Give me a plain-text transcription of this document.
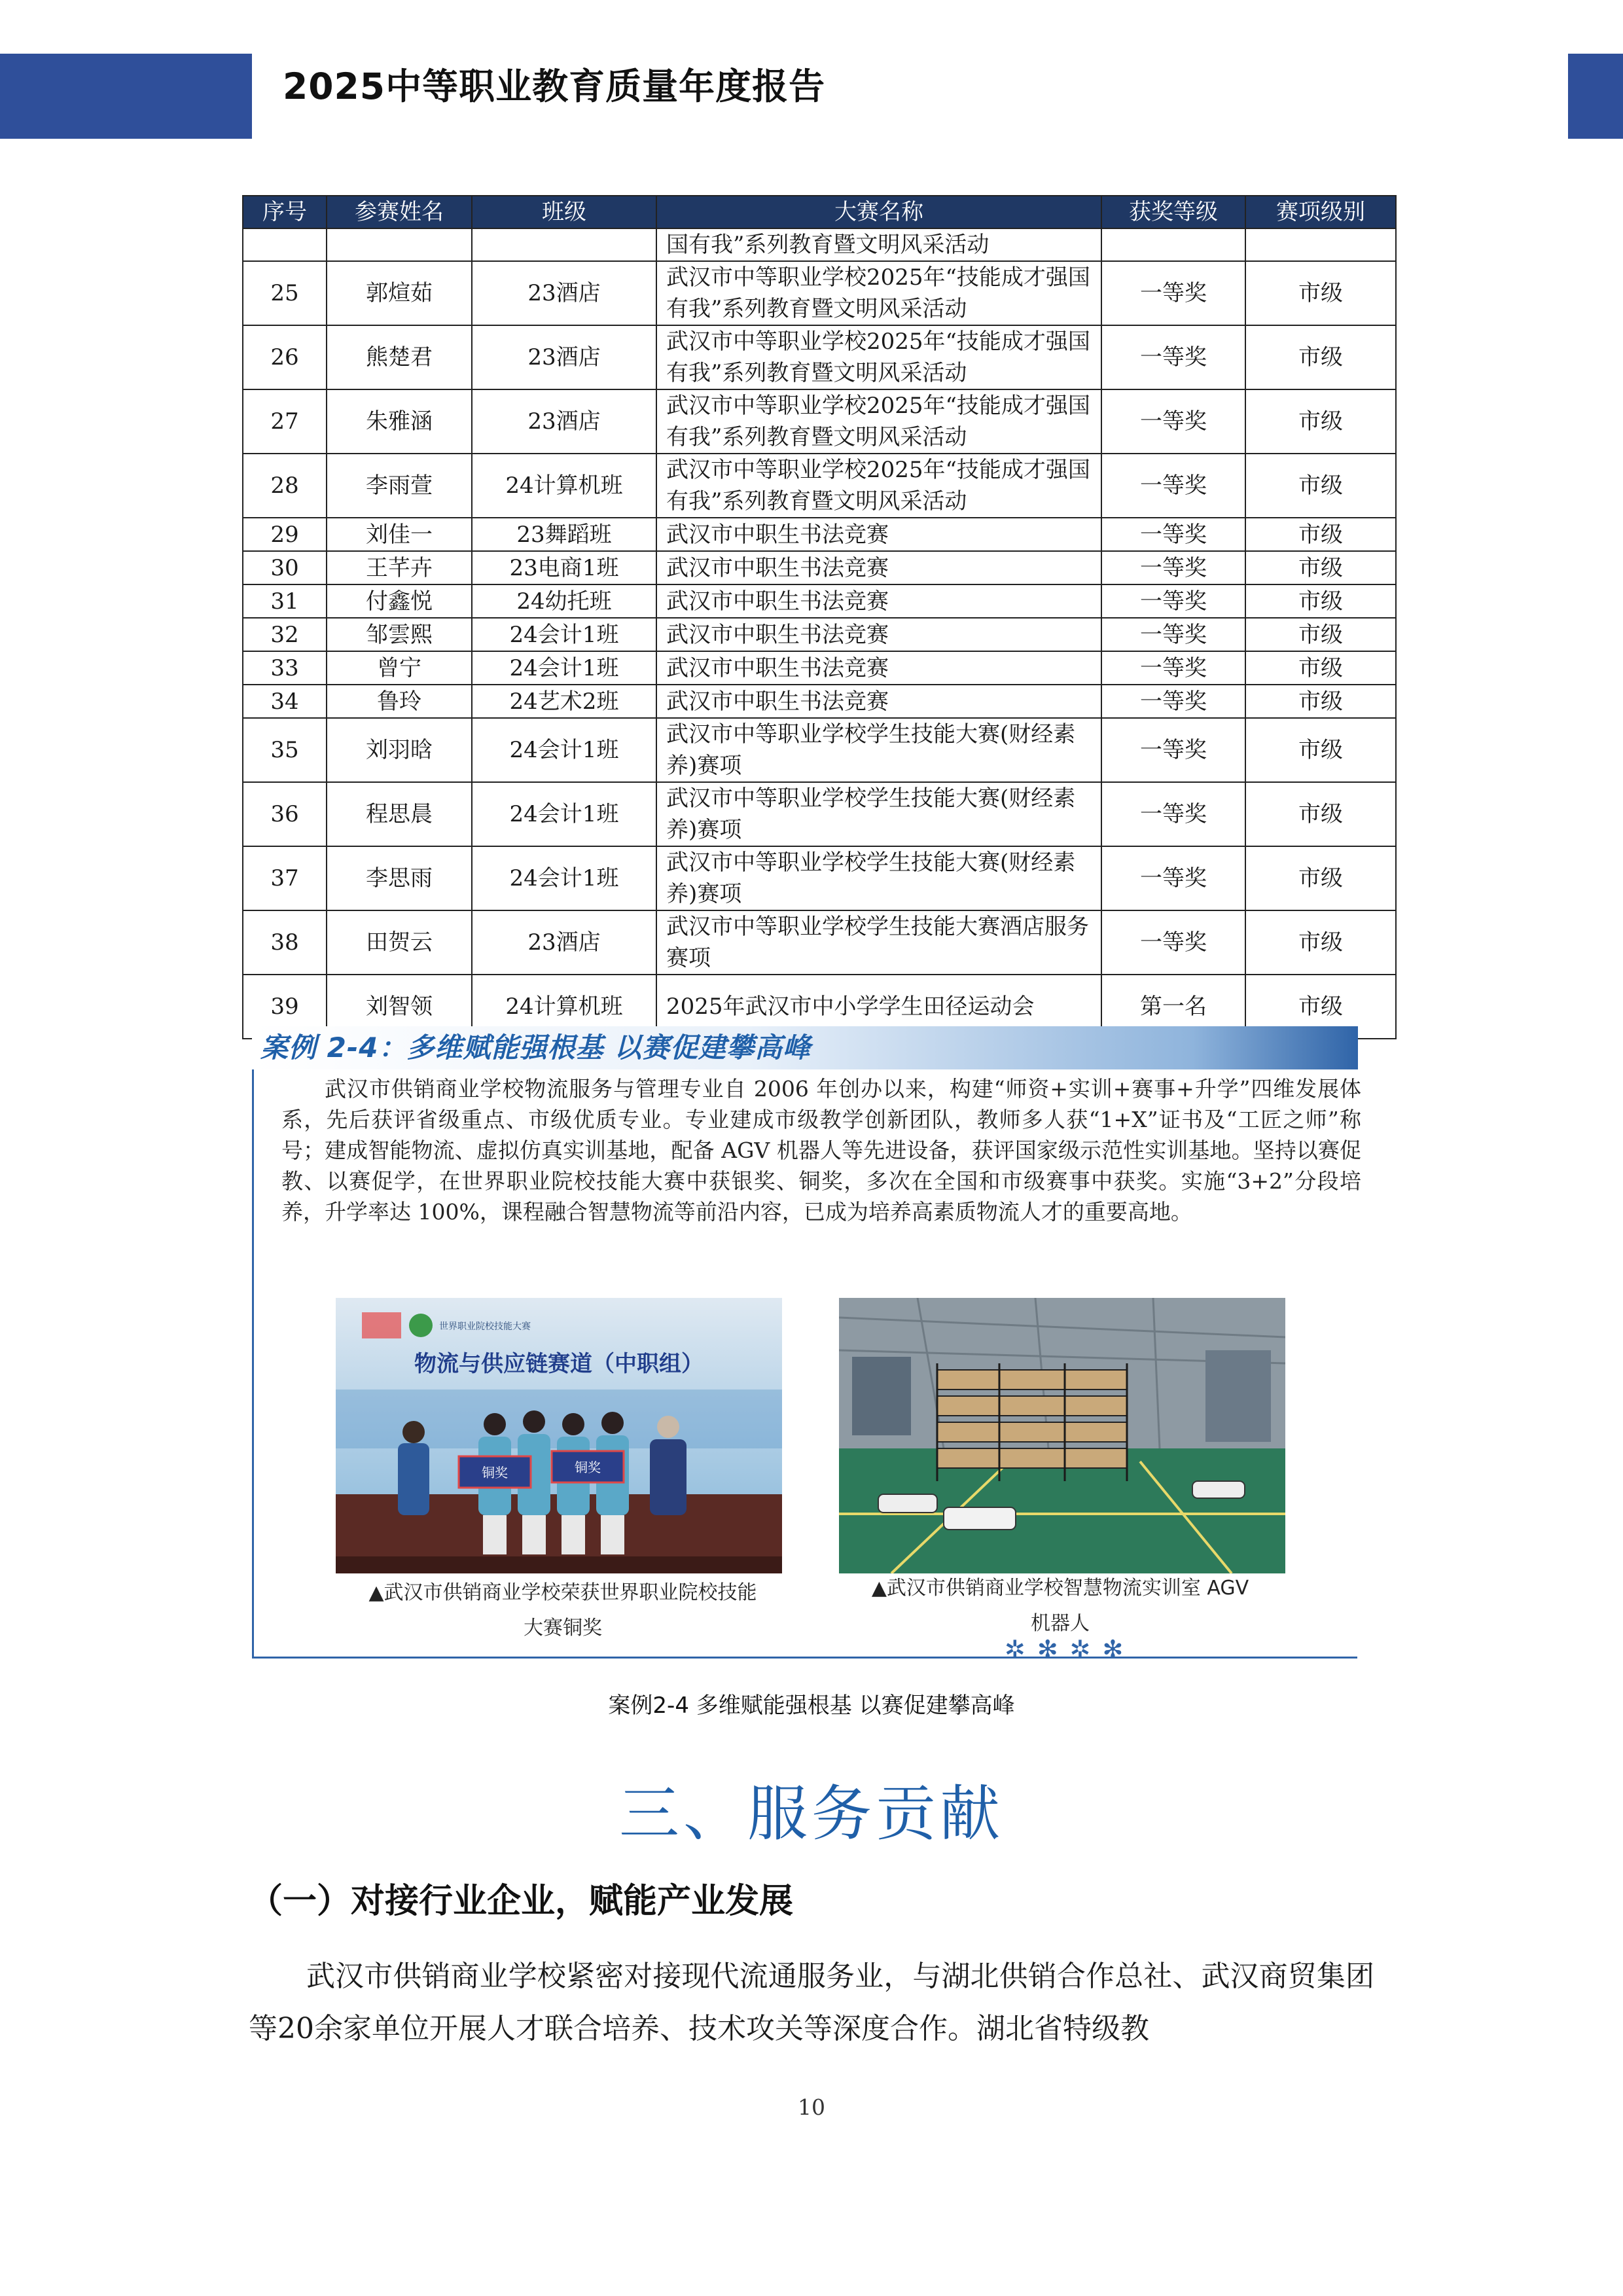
2025中等职业教育质量年度报告
序号	参赛姓名	班级	大赛名称	获奖等级	赛项级别
			国有我”系列教育暨文明风采活动		
25	郭煊茹	23酒店	武汉市中等职业学校2025年“技能成才强国有我”系列教育暨文明风采活动	一等奖	市级
26	熊楚君	23酒店	武汉市中等职业学校2025年“技能成才强国有我”系列教育暨文明风采活动	一等奖	市级
27	朱雅涵	23酒店	武汉市中等职业学校2025年“技能成才强国有我”系列教育暨文明风采活动	一等奖	市级
28	李雨萱	24计算机班	武汉市中等职业学校2025年“技能成才强国有我”系列教育暨文明风采活动	一等奖	市级
29	刘佳一	23舞蹈班	武汉市中职生书法竞赛	一等奖	市级
30	王芊卉	23电商1班	武汉市中职生书法竞赛	一等奖	市级
31	付鑫悦	24幼托班	武汉市中职生书法竞赛	一等奖	市级
32	邹雲熙	24会计1班	武汉市中职生书法竞赛	一等奖	市级
33	曾宁	24会计1班	武汉市中职生书法竞赛	一等奖	市级
34	鲁玲	24艺术2班	武汉市中职生书法竞赛	一等奖	市级
35	刘羽晗	24会计1班	武汉市中等职业学校学生技能大赛(财经素养)赛项	一等奖	市级
36	程思晨	24会计1班	武汉市中等职业学校学生技能大赛(财经素养)赛项	一等奖	市级
37	李思雨	24会计1班	武汉市中等职业学校学生技能大赛(财经素养)赛项	一等奖	市级
38	田贺云	23酒店	武汉市中等职业学校学生技能大赛酒店服务赛项	一等奖	市级
39	刘智领	24计算机班	2025年武汉市中小学学生田径运动会	第一名	市级
案例 2-4：多维赋能强根基 以赛促建攀高峰

武汉市供销商业学校物流服务与管理专业自 2006 年创办以来，构建“师资+实训+赛事+升学”四维发展体系，先后获评省级重点、市级优质专业。专业建成市级教学创新团队，教师多人获“1+X”证书及“工匠之师”称号；建成智能物流、虚拟仿真实训基地，配备 AGV 机器人等先进设备，获评国家级示范性实训基地。坚持以赛促教、以赛促学，在世界职业院校技能大赛中获银奖、铜奖，多次在全国和市级赛事中获奖。实施“3+2”分段培养，升学率达 100%，课程融合智慧物流等前沿内容，已成为培养高素质物流人才的重要高地。

世界职业院校技能大赛
物流与供应链赛道（中职组）
铜奖	铜奖
▲武汉市供销商业学校荣获世界职业院校技能
大赛铜奖
▲武汉市供销商业学校智慧物流实训室 AGV
机器人
✲✻✲✻
案例2-4 多维赋能强根基 以赛促建攀高峰
三、服务贡献
（一）对接行业企业，赋能产业发展

武汉市供销商业学校紧密对接现代流通服务业，与湖北供销合作总社、武汉商贸集团等20余家单位开展人才联合培养、技术攻关等深度合作。湖北省特级教

10
